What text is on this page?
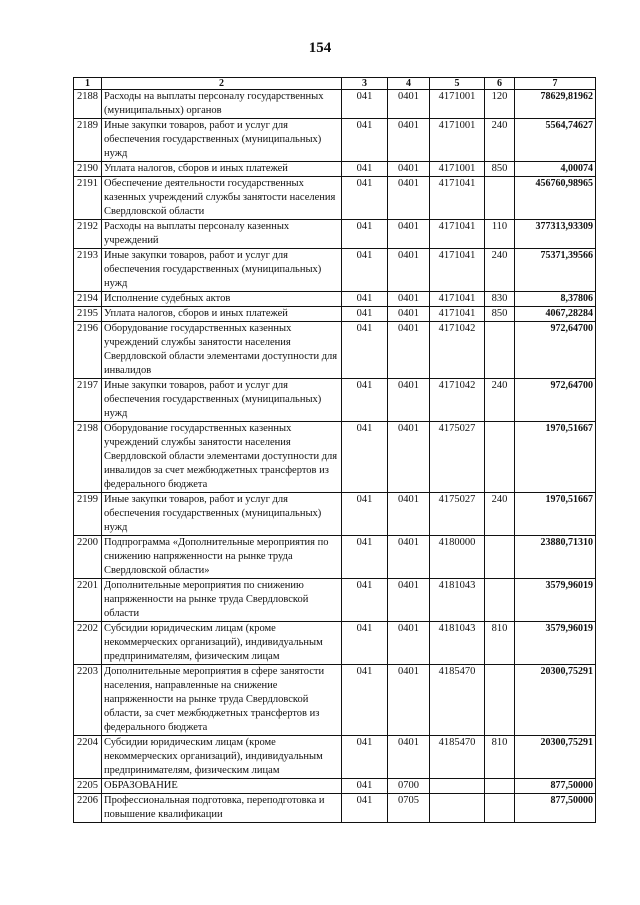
154
1	2	3	4	5	6	7
2188	Расходы на выплаты персоналу государственных (муниципальных) органов	041	0401	4171001	120	78629,81962
2189	Иные закупки товаров, работ и услуг для обеспечения государственных (муниципальных) нужд	041	0401	4171001	240	5564,74627
2190	Уплата налогов, сборов и иных платежей	041	0401	4171001	850	4,00074
2191	Обеспечение деятельности государственных казенных учреждений службы занятости населения Свердловской области	041	0401	4171041		456760,98965
2192	Расходы на выплаты персоналу казенных учреждений	041	0401	4171041	110	377313,93309
2193	Иные закупки товаров, работ и услуг для обеспечения государственных (муниципальных) нужд	041	0401	4171041	240	75371,39566
2194	Исполнение судебных актов	041	0401	4171041	830	8,37806
2195	Уплата налогов, сборов и иных платежей	041	0401	4171041	850	4067,28284
2196	Оборудование государственных казенных учреждений службы занятости населения Свердловской области элементами доступности для инвалидов	041	0401	4171042		972,64700
2197	Иные закупки товаров, работ и услуг для обеспечения государственных (муниципальных) нужд	041	0401	4171042	240	972,64700
2198	Оборудование государственных казенных учреждений службы занятости населения Свердловской области элементами доступности для инвалидов за счет межбюджетных трансфертов из федерального бюджета	041	0401	4175027		1970,51667
2199	Иные закупки товаров, работ и услуг для обеспечения государственных (муниципальных) нужд	041	0401	4175027	240	1970,51667
2200	Подпрограмма «Дополнительные мероприятия по снижению напряженности на рынке труда Свердловской области»	041	0401	4180000		23880,71310
2201	Дополнительные мероприятия по снижению напряженности на рынке труда Свердловской области	041	0401	4181043		3579,96019
2202	Субсидии юридическим лицам (кроме некоммерческих организаций), индивидуальным предпринимателям, физическим лицам	041	0401	4181043	810	3579,96019
2203	Дополнительные мероприятия в сфере занятости населения, направленные на снижение напряженности на рынке труда Свердловской области, за счет межбюджетных трансфертов из федерального бюджета	041	0401	4185470		20300,75291
2204	Субсидии юридическим лицам (кроме некоммерческих организаций), индивидуальным предпринимателям, физическим лицам	041	0401	4185470	810	20300,75291
2205	ОБРАЗОВАНИЕ	041	0700			877,50000
2206	Профессиональная подготовка, переподготовка и повышение квалификации	041	0705			877,50000
